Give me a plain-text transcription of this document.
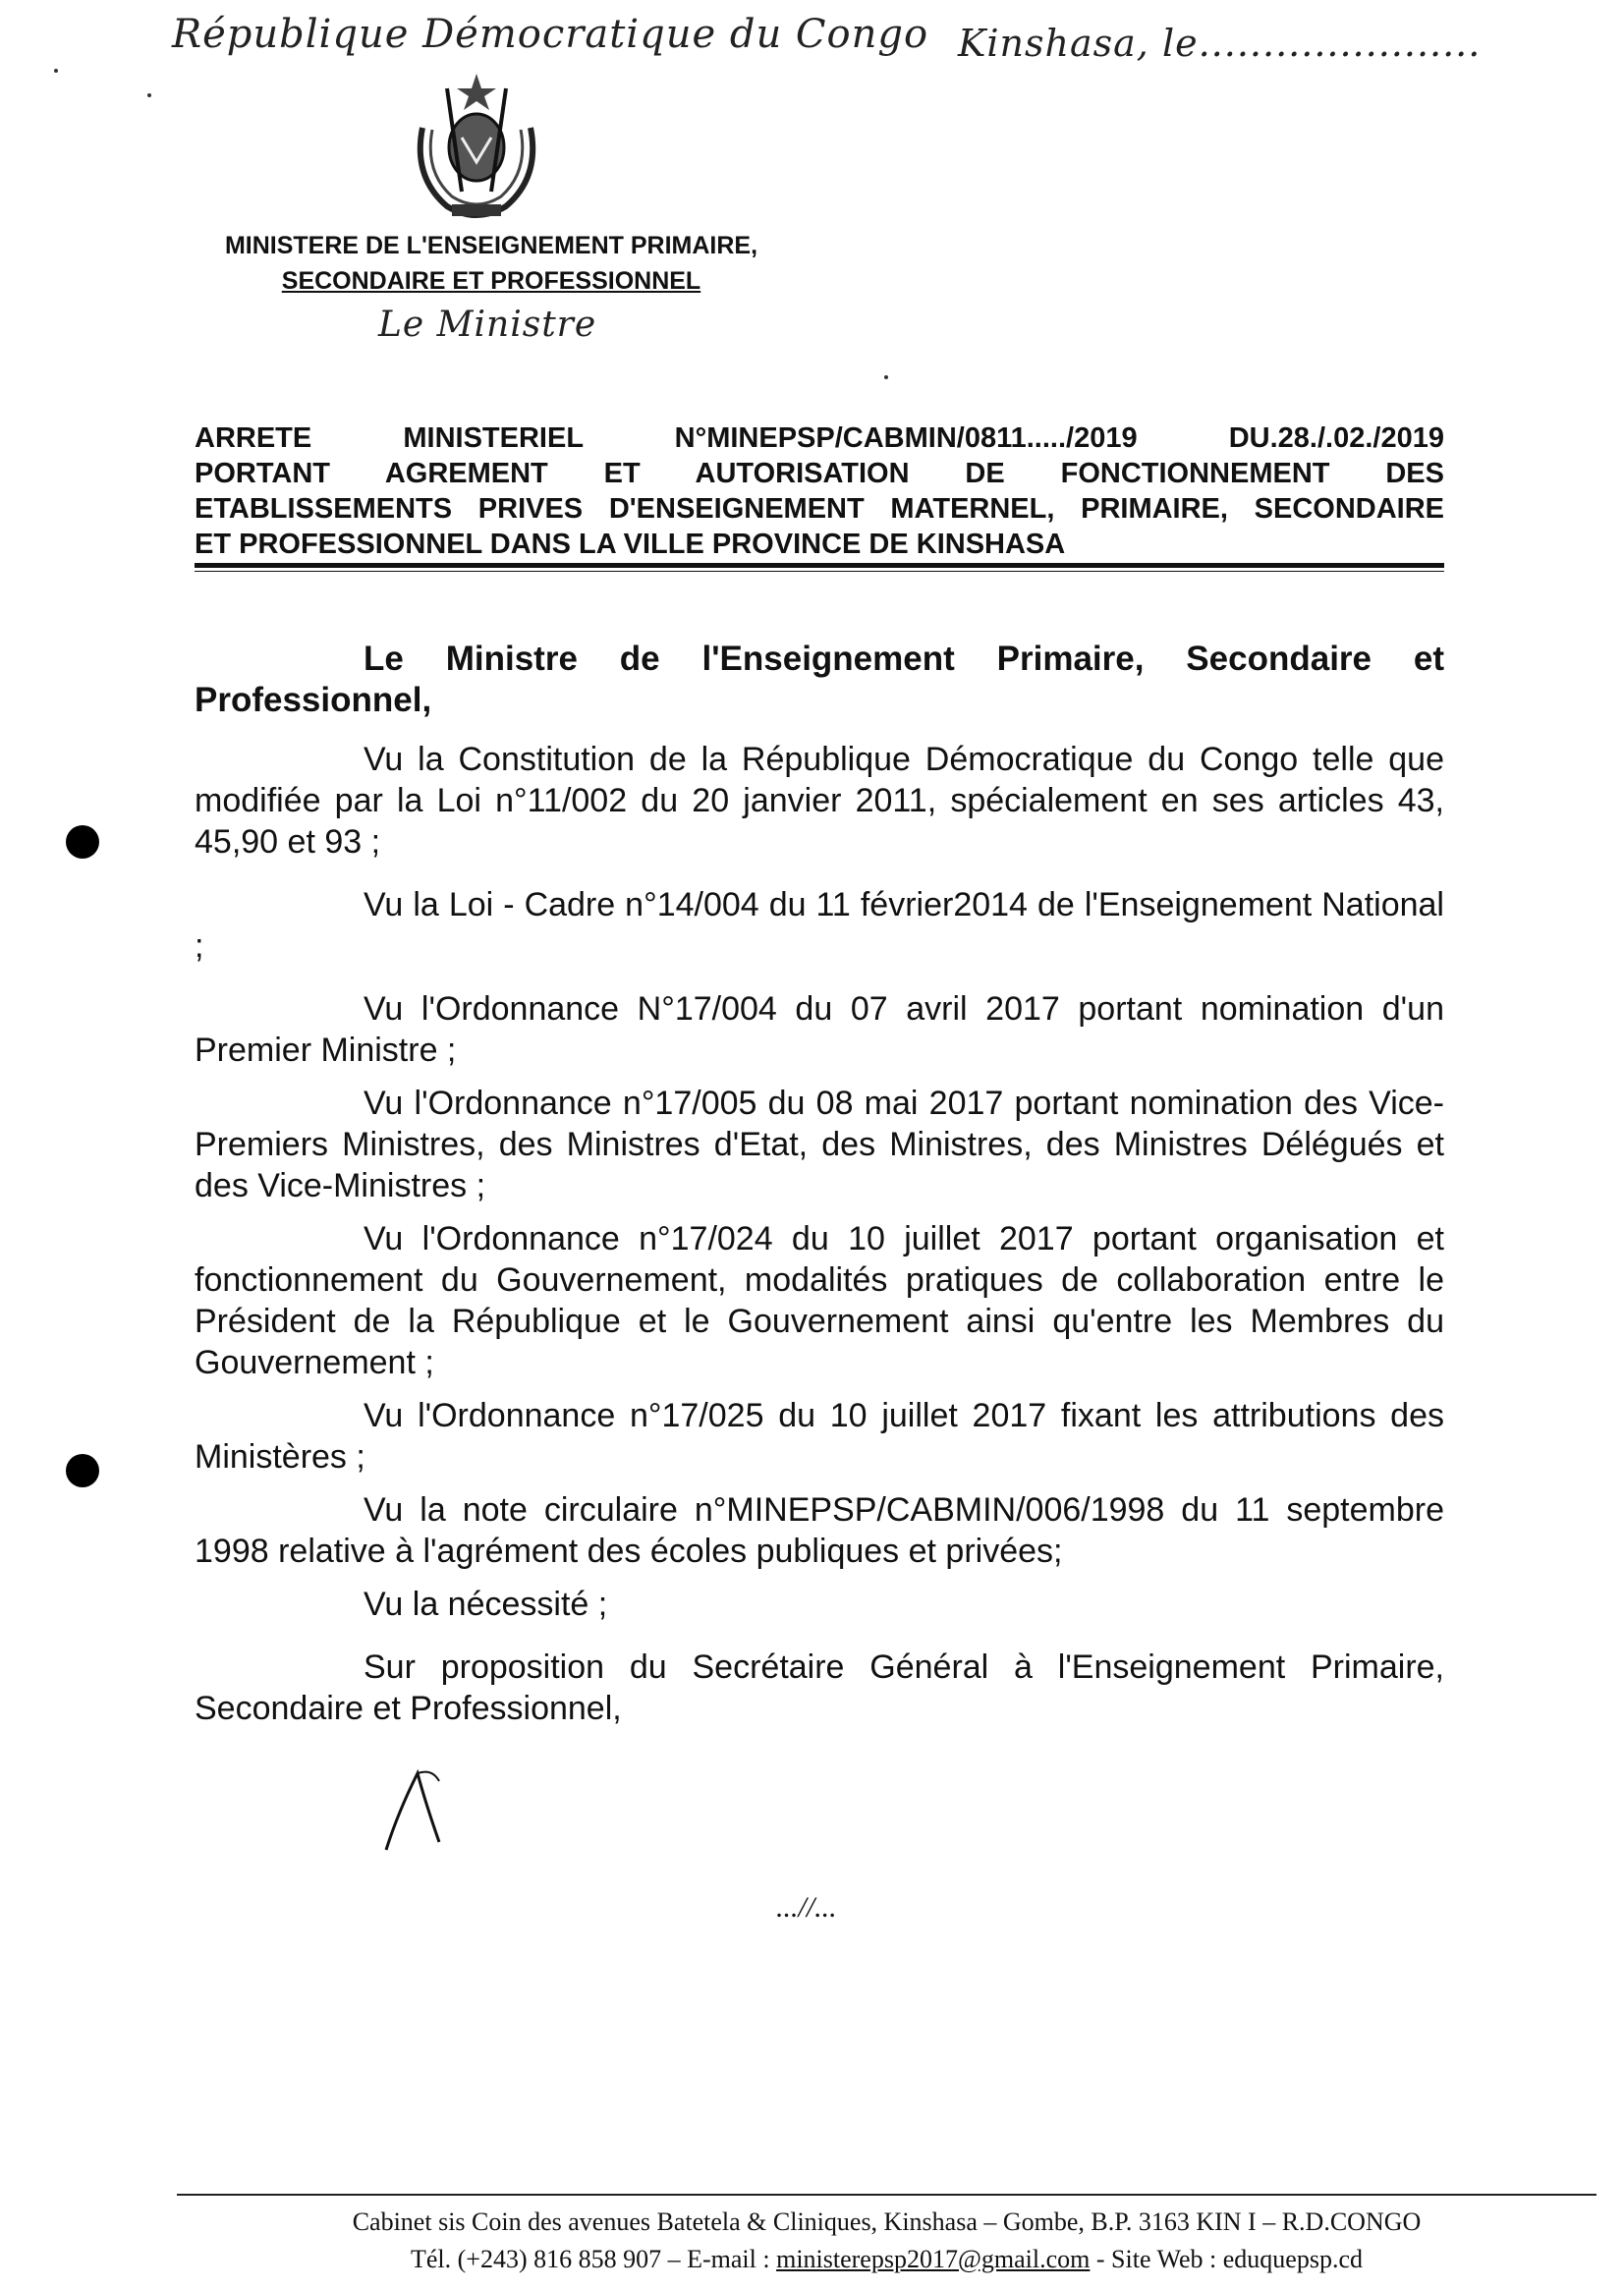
République Démocratique du Congo Kinshasa, le......................
MINISTERE DE L'ENSEIGNEMENT PRIMAIRE,
SECONDAIRE ET PROFESSIONNEL
Le Ministre
ARRETE MINISTERIEL N°MINEPSP/CABMIN/0811...../2019 DU.28./.02./2019
PORTANT AGREMENT ET AUTORISATION DE FONCTIONNEMENT DES
ETABLISSEMENTS PRIVES D'ENSEIGNEMENT MATERNEL, PRIMAIRE, SECONDAIRE
ET PROFESSIONNEL DANS LA VILLE PROVINCE DE KINSHASA

Le Ministre de l'Enseignement Primaire, Secondaire et Professionnel,

Vu la Constitution de la République Démocratique du Congo telle que modifiée par la Loi n°11/002 du 20 janvier 2011, spécialement en ses articles 43, 45,90 et 93 ;

Vu la Loi - Cadre n°14/004 du 11 février2014 de l'Enseignement National ;

Vu l'Ordonnance N°17/004 du 07 avril 2017 portant nomination d'un Premier Ministre ;

Vu l'Ordonnance n°17/005 du 08 mai 2017 portant nomination des Vice-Premiers Ministres, des Ministres d'Etat, des Ministres, des Ministres Délégués et des Vice-Ministres ;

Vu l'Ordonnance n°17/024 du 10 juillet 2017 portant organisation et fonctionnement du Gouvernement, modalités pratiques de collaboration entre le Président de la République et le Gouvernement ainsi qu'entre les Membres du Gouvernement ;

Vu l'Ordonnance n°17/025 du 10 juillet 2017 fixant les attributions des Ministères ;

Vu la note circulaire n°MINEPSP/CABMIN/006/1998 du 11 septembre 1998 relative à l'agrément des écoles publiques et privées;

Vu la nécessité ;

Sur proposition du Secrétaire Général à l'Enseignement Primaire, Secondaire et Professionnel,

...//...
Cabinet sis Coin des avenues Batetela & Cliniques, Kinshasa – Gombe, B.P. 3163 KIN I – R.D.CONGO
Tél. (+243) 816 858 907 – E-mail : ministerepsp2017@gmail.com - Site Web : eduquepsp.cd
